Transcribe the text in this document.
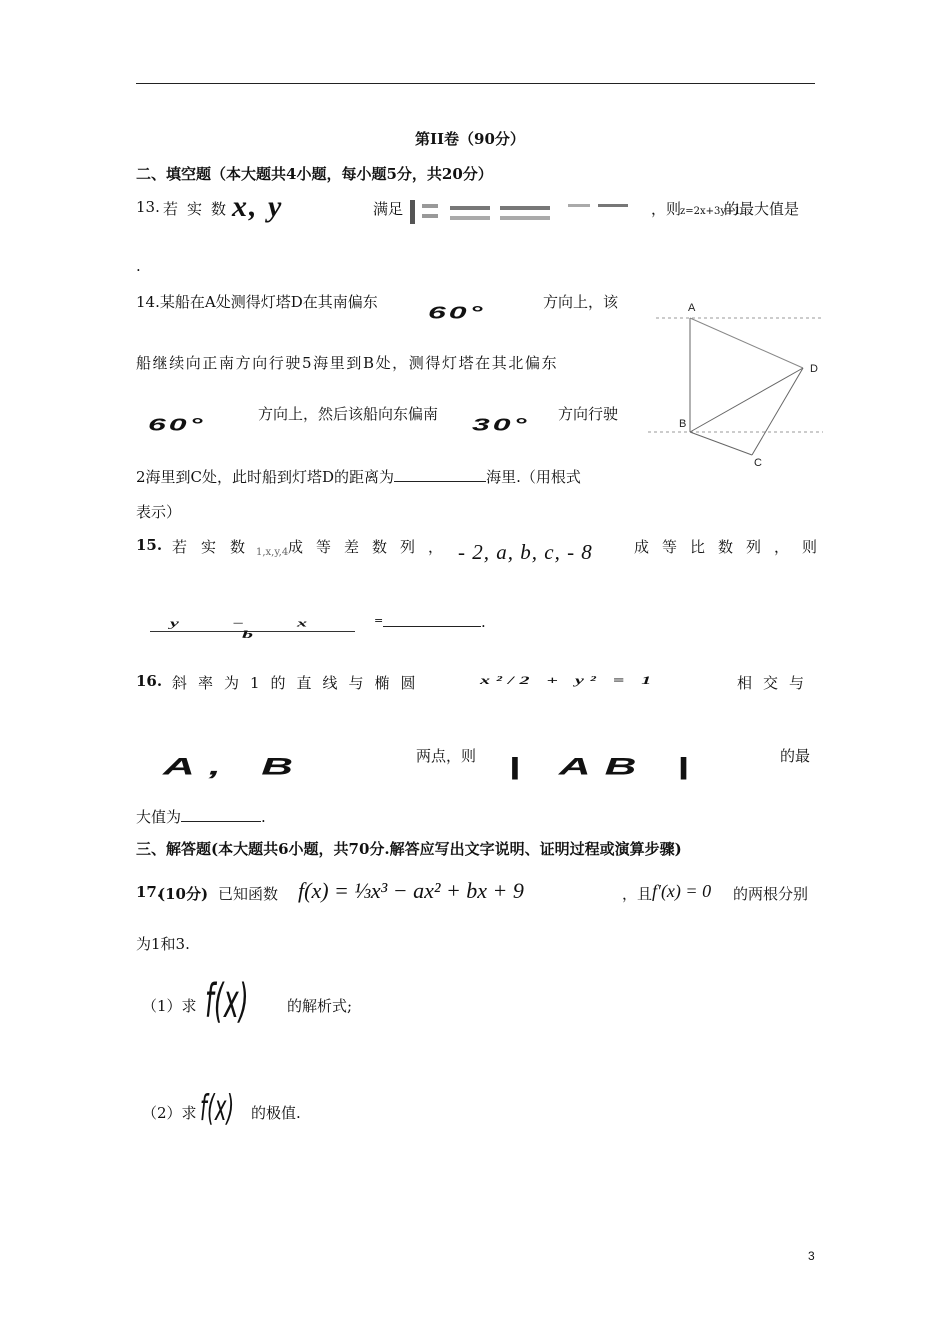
第II卷（90分）
二、填空题（本大题共4小题，每小题5分，共20分）
13. 若实数
x, y	满足	，则
z=2x+3y+1
的最大值是
.
14.某船在A处测得灯塔D在其南偏东
60°
方向上，该
船继续向正南方向行驶5海里到B处，测得灯塔在其北偏东
60°
方向上，然后该船向东偏南
30°
方向行驶
2海里到C处，此时船到灯塔D的距离为	海里.（用根式
表示）
A
B
C
D
15. 若实数
1,x,y,4 成等差数列， - 2, a, b, c, - 8	成等比数列，则
y − x
b
=	.
16. 斜率为1的直线与椭圆	x²/2 + y² = 1	相交与
A, B	两点，则 | AB |	的最
大值为	.
三、解答题(本大题共6小题，共70分.解答应写出文字说明、证明过程或演算步骤)
17.
(10分) 已知函数 f(x) = ⅓x³ − ax² + bx + 9	，且 f′(x) = 0 的两根分别
为1和3.
（1）求 f(x)	的解析式;
（2）求 f(x) 的极值.
3
